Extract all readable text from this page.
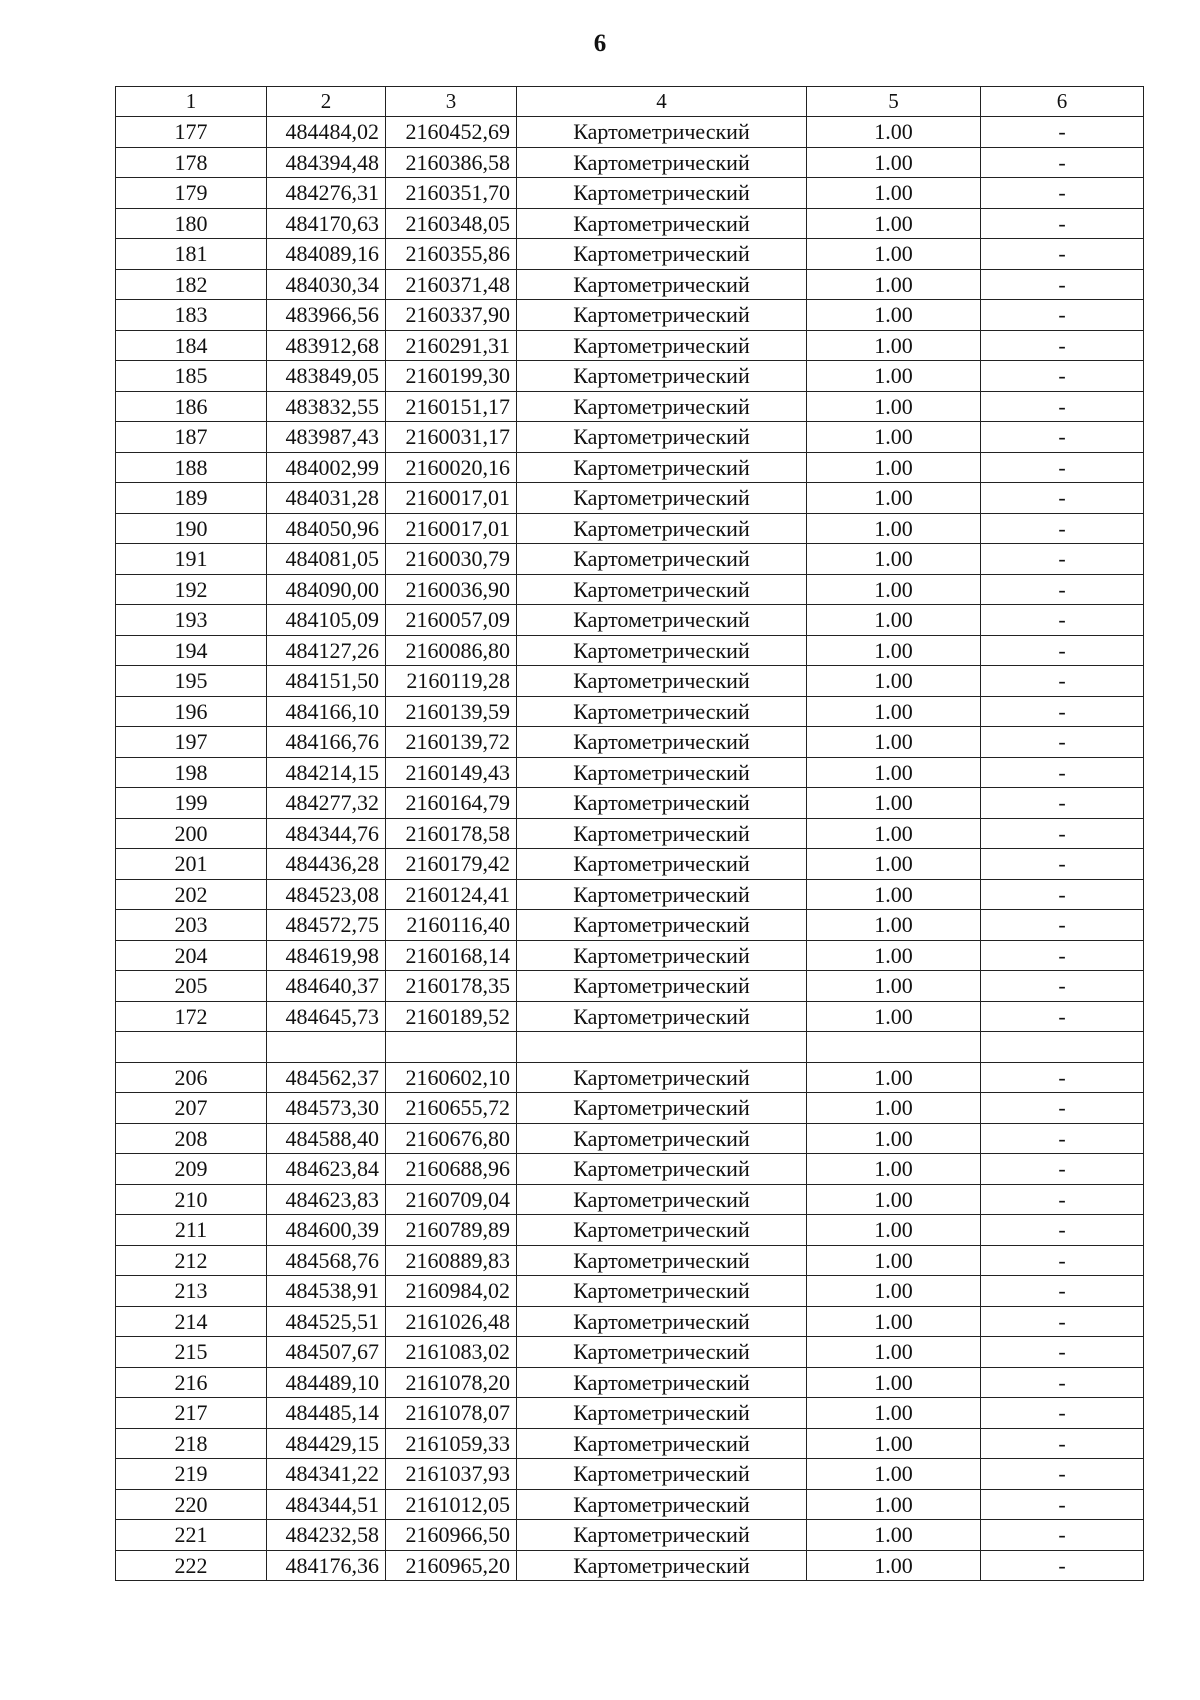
6
1	2	3	4	5	6
177	484484,02	2160452,69	Картометрический	1.00	-
178	484394,48	2160386,58	Картометрический	1.00	-
179	484276,31	2160351,70	Картометрический	1.00	-
180	484170,63	2160348,05	Картометрический	1.00	-
181	484089,16	2160355,86	Картометрический	1.00	-
182	484030,34	2160371,48	Картометрический	1.00	-
183	483966,56	2160337,90	Картометрический	1.00	-
184	483912,68	2160291,31	Картометрический	1.00	-
185	483849,05	2160199,30	Картометрический	1.00	-
186	483832,55	2160151,17	Картометрический	1.00	-
187	483987,43	2160031,17	Картометрический	1.00	-
188	484002,99	2160020,16	Картометрический	1.00	-
189	484031,28	2160017,01	Картометрический	1.00	-
190	484050,96	2160017,01	Картометрический	1.00	-
191	484081,05	2160030,79	Картометрический	1.00	-
192	484090,00	2160036,90	Картометрический	1.00	-
193	484105,09	2160057,09	Картометрический	1.00	-
194	484127,26	2160086,80	Картометрический	1.00	-
195	484151,50	2160119,28	Картометрический	1.00	-
196	484166,10	2160139,59	Картометрический	1.00	-
197	484166,76	2160139,72	Картометрический	1.00	-
198	484214,15	2160149,43	Картометрический	1.00	-
199	484277,32	2160164,79	Картометрический	1.00	-
200	484344,76	2160178,58	Картометрический	1.00	-
201	484436,28	2160179,42	Картометрический	1.00	-
202	484523,08	2160124,41	Картометрический	1.00	-
203	484572,75	2160116,40	Картометрический	1.00	-
204	484619,98	2160168,14	Картометрический	1.00	-
205	484640,37	2160178,35	Картометрический	1.00	-
172	484645,73	2160189,52	Картометрический	1.00	-

206	484562,37	2160602,10	Картометрический	1.00	-
207	484573,30	2160655,72	Картометрический	1.00	-
208	484588,40	2160676,80	Картометрический	1.00	-
209	484623,84	2160688,96	Картометрический	1.00	-
210	484623,83	2160709,04	Картометрический	1.00	-
211	484600,39	2160789,89	Картометрический	1.00	-
212	484568,76	2160889,83	Картометрический	1.00	-
213	484538,91	2160984,02	Картометрический	1.00	-
214	484525,51	2161026,48	Картометрический	1.00	-
215	484507,67	2161083,02	Картометрический	1.00	-
216	484489,10	2161078,20	Картометрический	1.00	-
217	484485,14	2161078,07	Картометрический	1.00	-
218	484429,15	2161059,33	Картометрический	1.00	-
219	484341,22	2161037,93	Картометрический	1.00	-
220	484344,51	2161012,05	Картометрический	1.00	-
221	484232,58	2160966,50	Картометрический	1.00	-
222	484176,36	2160965,20	Картометрический	1.00	-
